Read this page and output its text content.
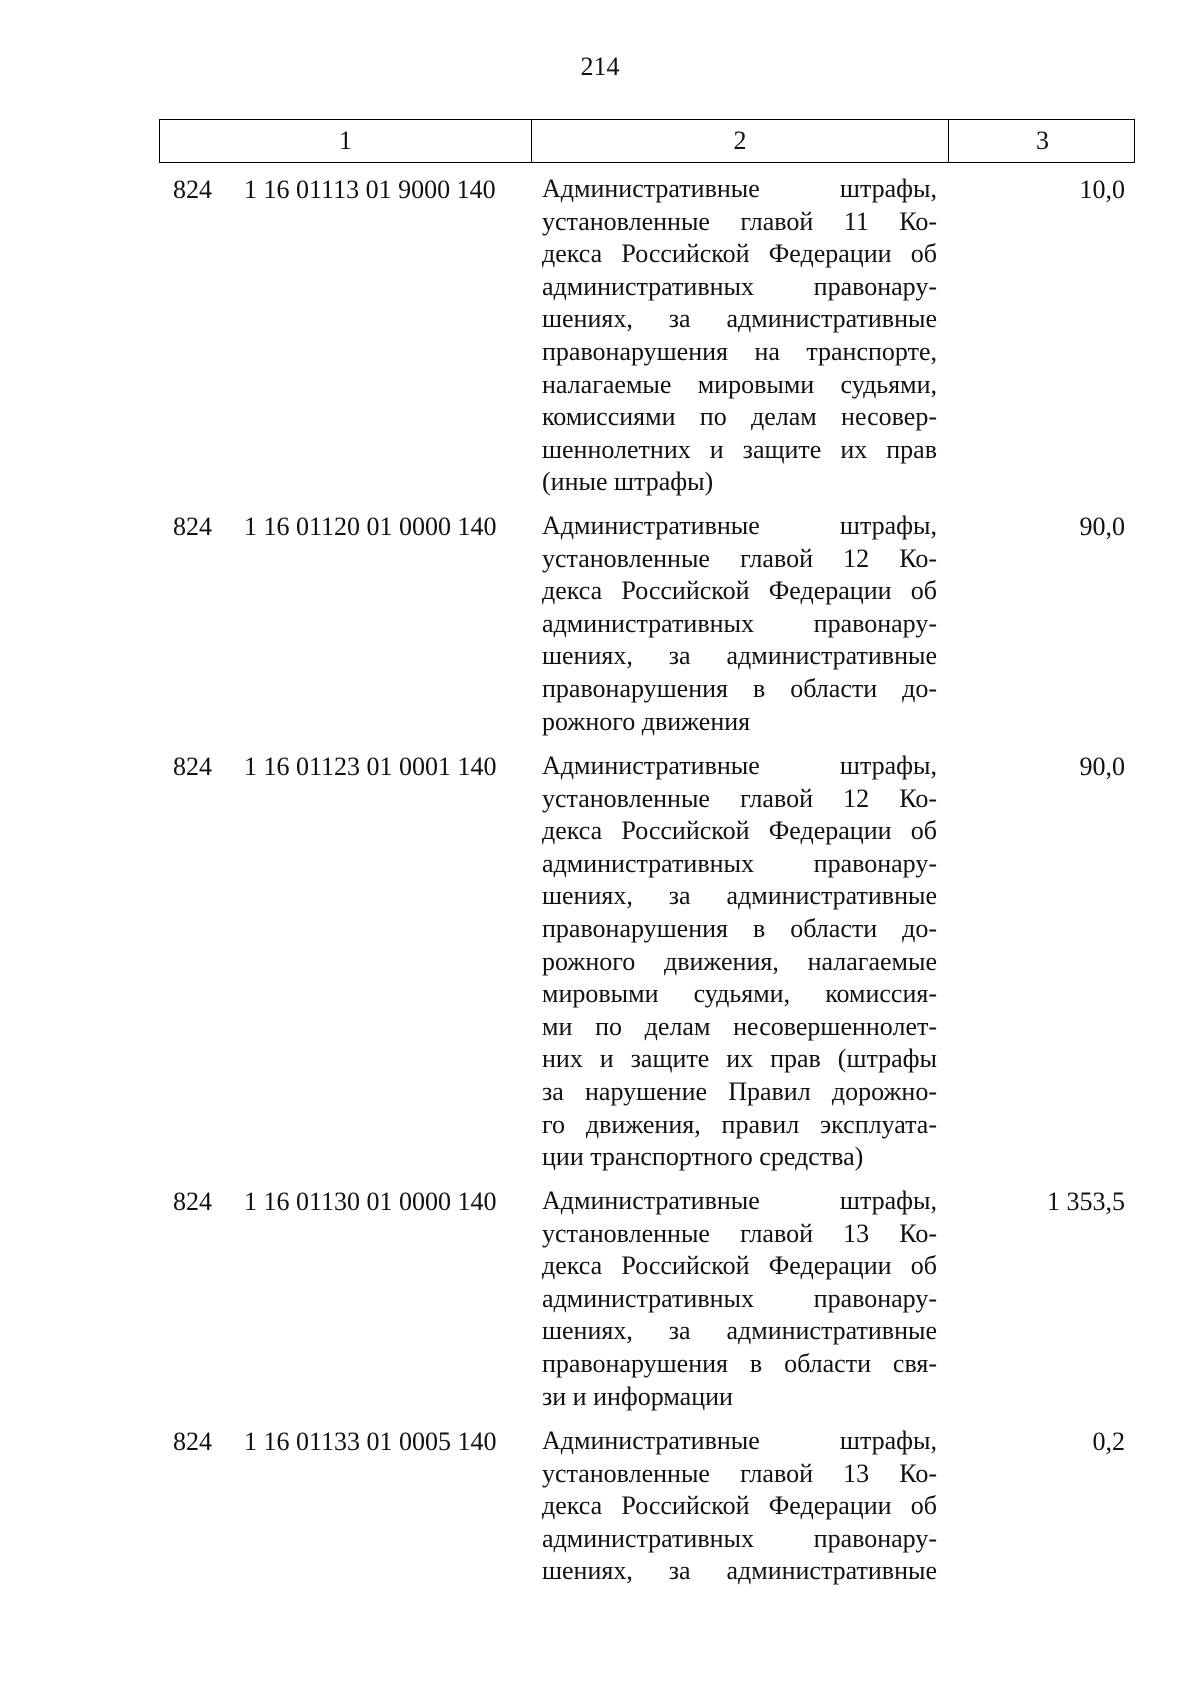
214
1	2	3
824 1 16 01113 01 9000 140 Административные штрафы,
установленные главой 11 Ко-
декса Российской Федерации об
административных правонару-
шениях, за административные
правонарушения на транспорте,
налагаемые мировыми судьями,
комиссиями по делам несовер-
шеннолетних и защите их прав
(иные штрафы)
10,0
824 1 16 01120 01 0000 140 Административные штрафы,
установленные главой 12 Ко-
декса Российской Федерации об
административных правонару-
шениях, за административные
правонарушения в области до-
рожного движения
90,0
824 1 16 01123 01 0001 140 Административные штрафы,
установленные главой 12 Ко-
декса Российской Федерации об
административных правонару-
шениях, за административные
правонарушения в области до-
рожного движения, налагаемые
мировыми судьями, комиссия-
ми по делам несовершеннолет-
них и защите их прав (штрафы
за нарушение Правил дорожно-
го движения, правил эксплуата-
ции транспортного средства)
90,0
824 1 16 01130 01 0000 140 Административные штрафы,
установленные главой 13 Ко-
декса Российской Федерации об
административных правонару-
шениях, за административные
правонарушения в области свя-
зи и информации
1 353,5
824 1 16 01133 01 0005 140 Административные штрафы,
установленные главой 13 Ко-
декса Российской Федерации об
административных правонару-
шениях, за административные
0,2
